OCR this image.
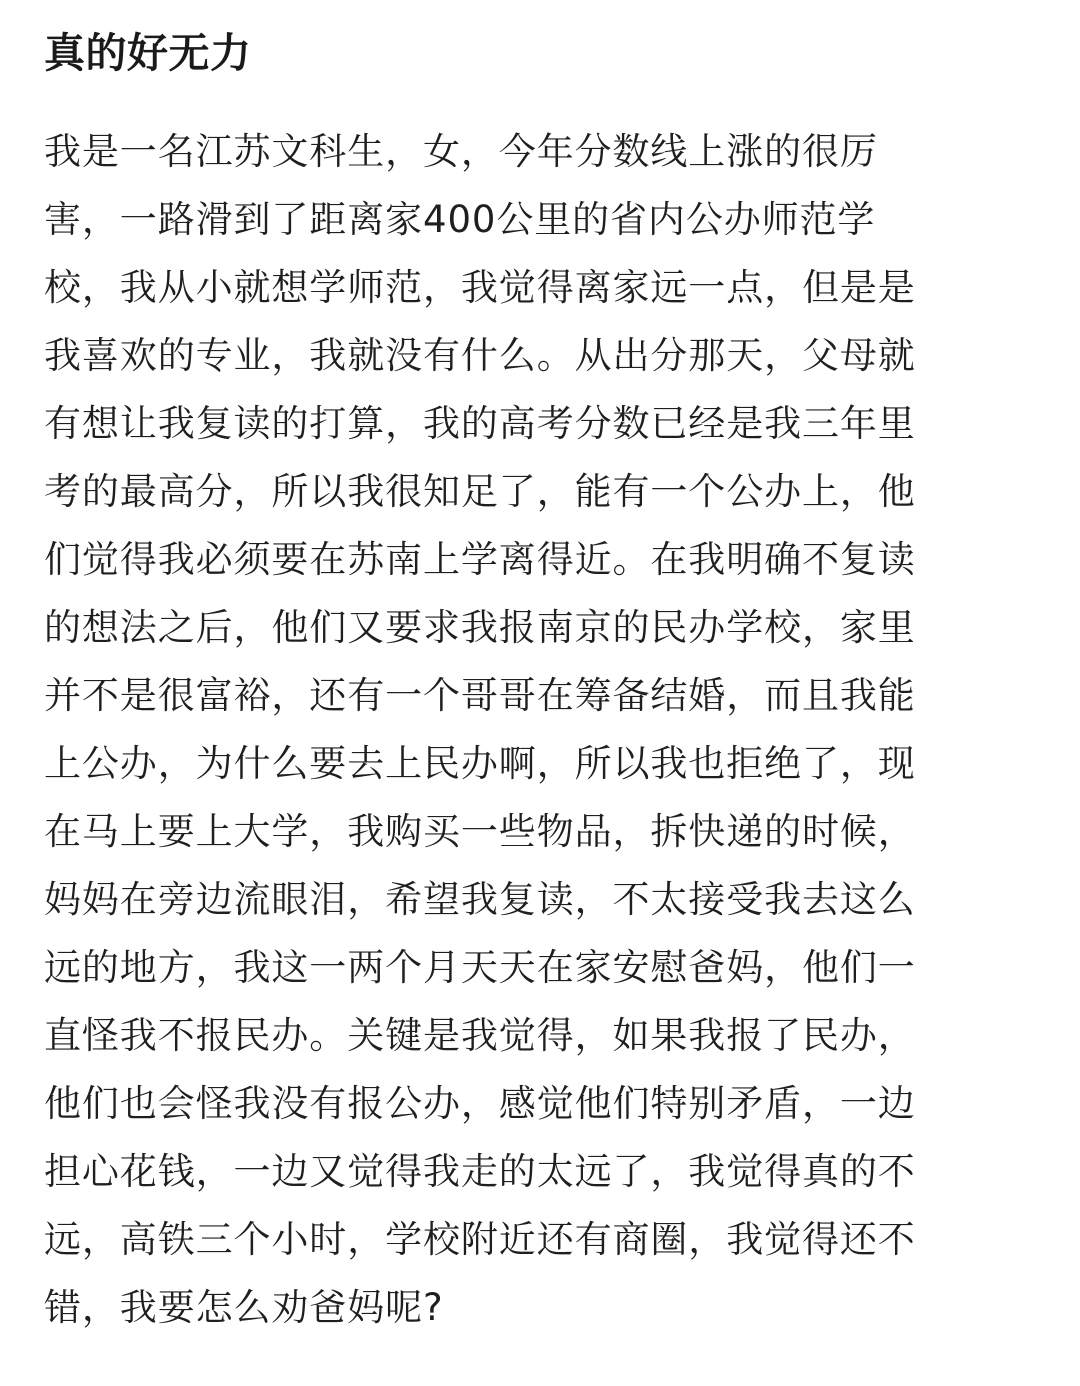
真的好无力
我是一名江苏文科生，女，今年分数线上涨的很厉
害，一路滑到了距离家400公里的省内公办师范学
校，我从小就想学师范，我觉得离家远一点，但是是
我喜欢的专业，我就没有什么。从出分那天，父母就
有想让我复读的打算，我的高考分数已经是我三年里
考的最高分，所以我很知足了，能有一个公办上，他
们觉得我必须要在苏南上学离得近。在我明确不复读
的想法之后，他们又要求我报南京的民办学校，家里
并不是很富裕，还有一个哥哥在筹备结婚，而且我能
上公办，为什么要去上民办啊，所以我也拒绝了，现
在马上要上大学，我购买一些物品，拆快递的时候，
妈妈在旁边流眼泪，希望我复读，不太接受我去这么
远的地方，我这一两个月天天在家安慰爸妈，他们一
直怪我不报民办。关键是我觉得，如果我报了民办，
他们也会怪我没有报公办，感觉他们特别矛盾，一边
担心花钱，一边又觉得我走的太远了，我觉得真的不
远，高铁三个小时，学校附近还有商圈，我觉得还不
错，我要怎么劝爸妈呢?
